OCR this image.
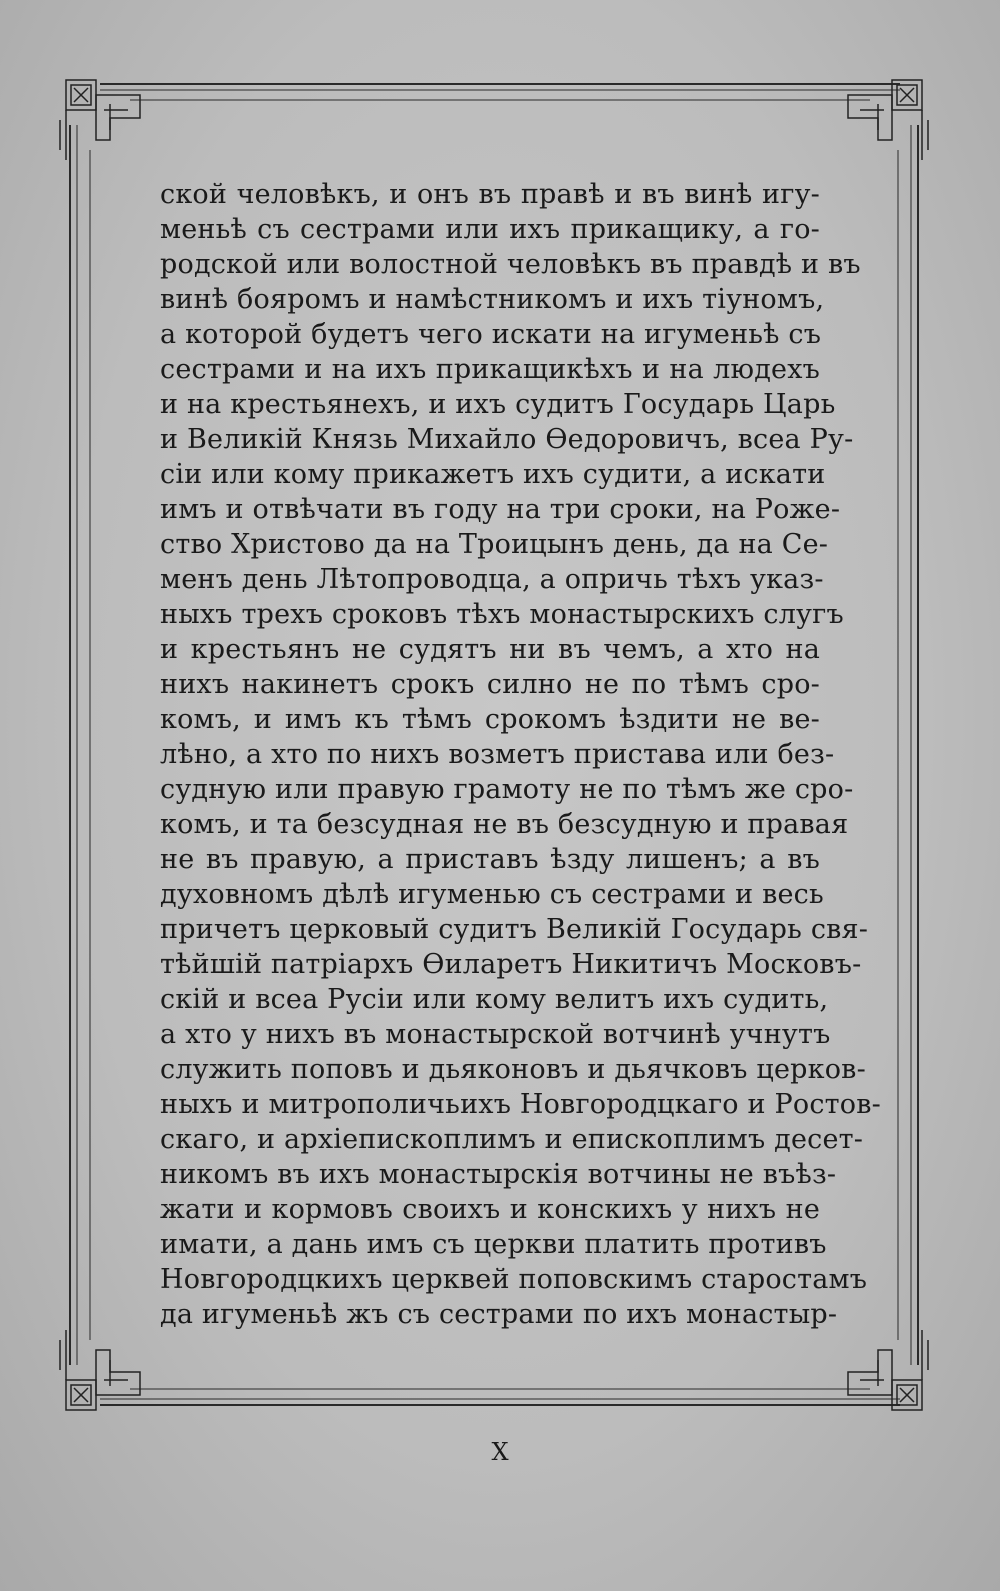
ской человѣкъ, и онъ въ правѣ и въ винѣ игу-
меньѣ съ сестрами или ихъ прикащику, а го-
родской или волостной человѣкъ въ правдѣ и въ
винѣ бояромъ и намѣстникомъ и ихъ тіуномъ,
а которой будетъ чего искати на игуменьѣ съ
сестрами и на ихъ прикащикѣхъ и на людехъ
и на крестьянехъ, и ихъ судитъ Государь Царь
и Великій Князь Михайло Ѳедоровичъ, всеа Ру-
сіи или кому прикажетъ ихъ судити, а искати
имъ и отвѣчати въ году на три сроки, на Роже-
ство Христово да на Троицынъ день, да на Се-
менъ день Лѣтопроводца, а опричь тѣхъ указ-
ныхъ трехъ сроковъ тѣхъ монастырскихъ слугъ
и крестьянъ не судятъ ни въ чемъ, а хто на
нихъ накинетъ срокъ силно не по тѣмъ сро-
комъ, и имъ къ тѣмъ срокомъ ѣздити не ве-
лѣно, а хто по нихъ возметъ пристава или без-
судную или правую грамоту не по тѣмъ же сро-
комъ, и та безсудная не въ безсудную и правая
не въ правую, а приставъ ѣзду лишенъ; а въ
духовномъ дѣлѣ игуменью съ сестрами и весь
причетъ церковый судитъ Великій Государь свя-
тѣйшій патріархъ Ѳиларетъ Никитичъ Московъ-
скій и всеа Русіи или кому велитъ ихъ судить,
а хто у нихъ въ монастырской вотчинѣ учнутъ
служить поповъ и дьяконовъ и дьячковъ церков-
ныхъ и митрополичьихъ Новгородцкаго и Ростов-
скаго, и архіепископлимъ и епископлимъ десет-
никомъ въ ихъ монастырскія вотчины не въѣз-
жати и кормовъ своихъ и конскихъ у нихъ не
имати, а дань имъ съ церкви платить противъ
Новгородцкихъ церквей поповскимъ старостамъ
да игуменьѣ жъ съ сестрами по ихъ монастыр-
X
